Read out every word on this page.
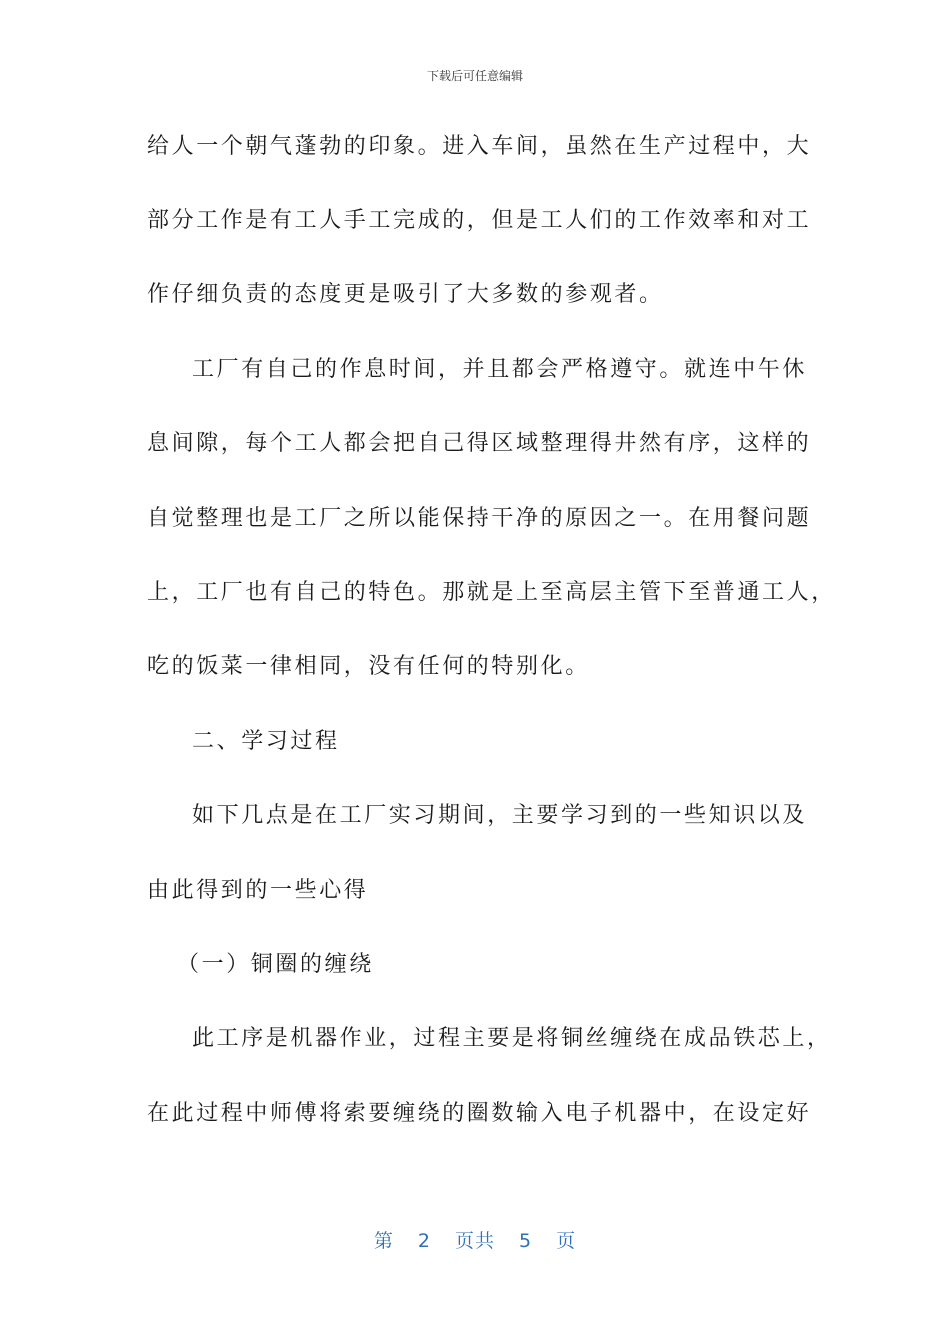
下载后可任意编辑
给人一个朝气蓬勃的印象。进入车间，虽然在生产过程中，大
部分工作是有工人手工完成的，但是工人们的工作效率和对工
作仔细负责的态度更是吸引了大多数的参观者。
工厂有自己的作息时间，并且都会严格遵守。就连中午休
息间隙，每个工人都会把自己得区域整理得井然有序，这样的
自觉整理也是工厂之所以能保持干净的原因之一。在用餐问题
上，工厂也有自己的特色。那就是上至高层主管下至普通工人，
吃的饭菜一律相同，没有任何的特别化。
二、学习过程
如下几点是在工厂实习期间，主要学习到的一些知识以及
由此得到的一些心得
（一）铜圈的缠绕
此工序是机器作业，过程主要是将铜丝缠绕在成品铁芯上，
在此过程中师傅将索要缠绕的圈数输入电子机器中，在设定好
第 2 页共 5 页
